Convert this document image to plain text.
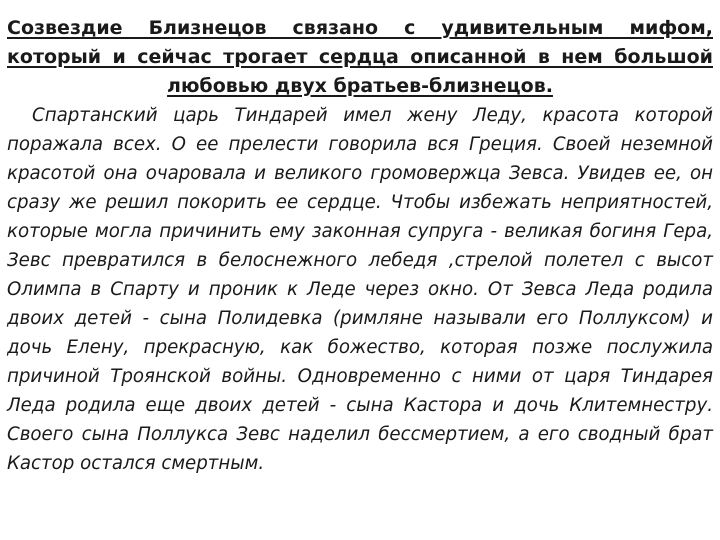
Созвездие Близнецов связано с удивительным мифом, который и сейчас трогает сердца описанной в нем большой любовью двух братьев-близнецов.

Спартанский царь Тиндарей имел жену Леду, красота которой поражала всех. О ее прелести говорила вся Греция. Своей неземной красотой она очаровала и великого громовержца Зевса. Увидев ее, он сразу же решил покорить ее сердце. Чтобы избежать неприятностей, которые могла причинить ему законная супруга - великая богиня Гера, Зевс превратился в белоснежного лебедя ,стрелой полетел с высот Олимпа в Спарту и проник к Леде через окно. От Зевса Леда родила двоих детей - сына Полидевка (римляне называли его Поллуксом) и дочь Елену, прекрасную, как божество, которая позже послужила причиной Троянской войны. Одновременно с ними от царя Тиндарея Леда родила еще двоих детей - сына Кастора и дочь Клитемнестру. Своего сына Поллукса Зевс наделил бессмертием, а его сводный брат Кастор остался смертным.
